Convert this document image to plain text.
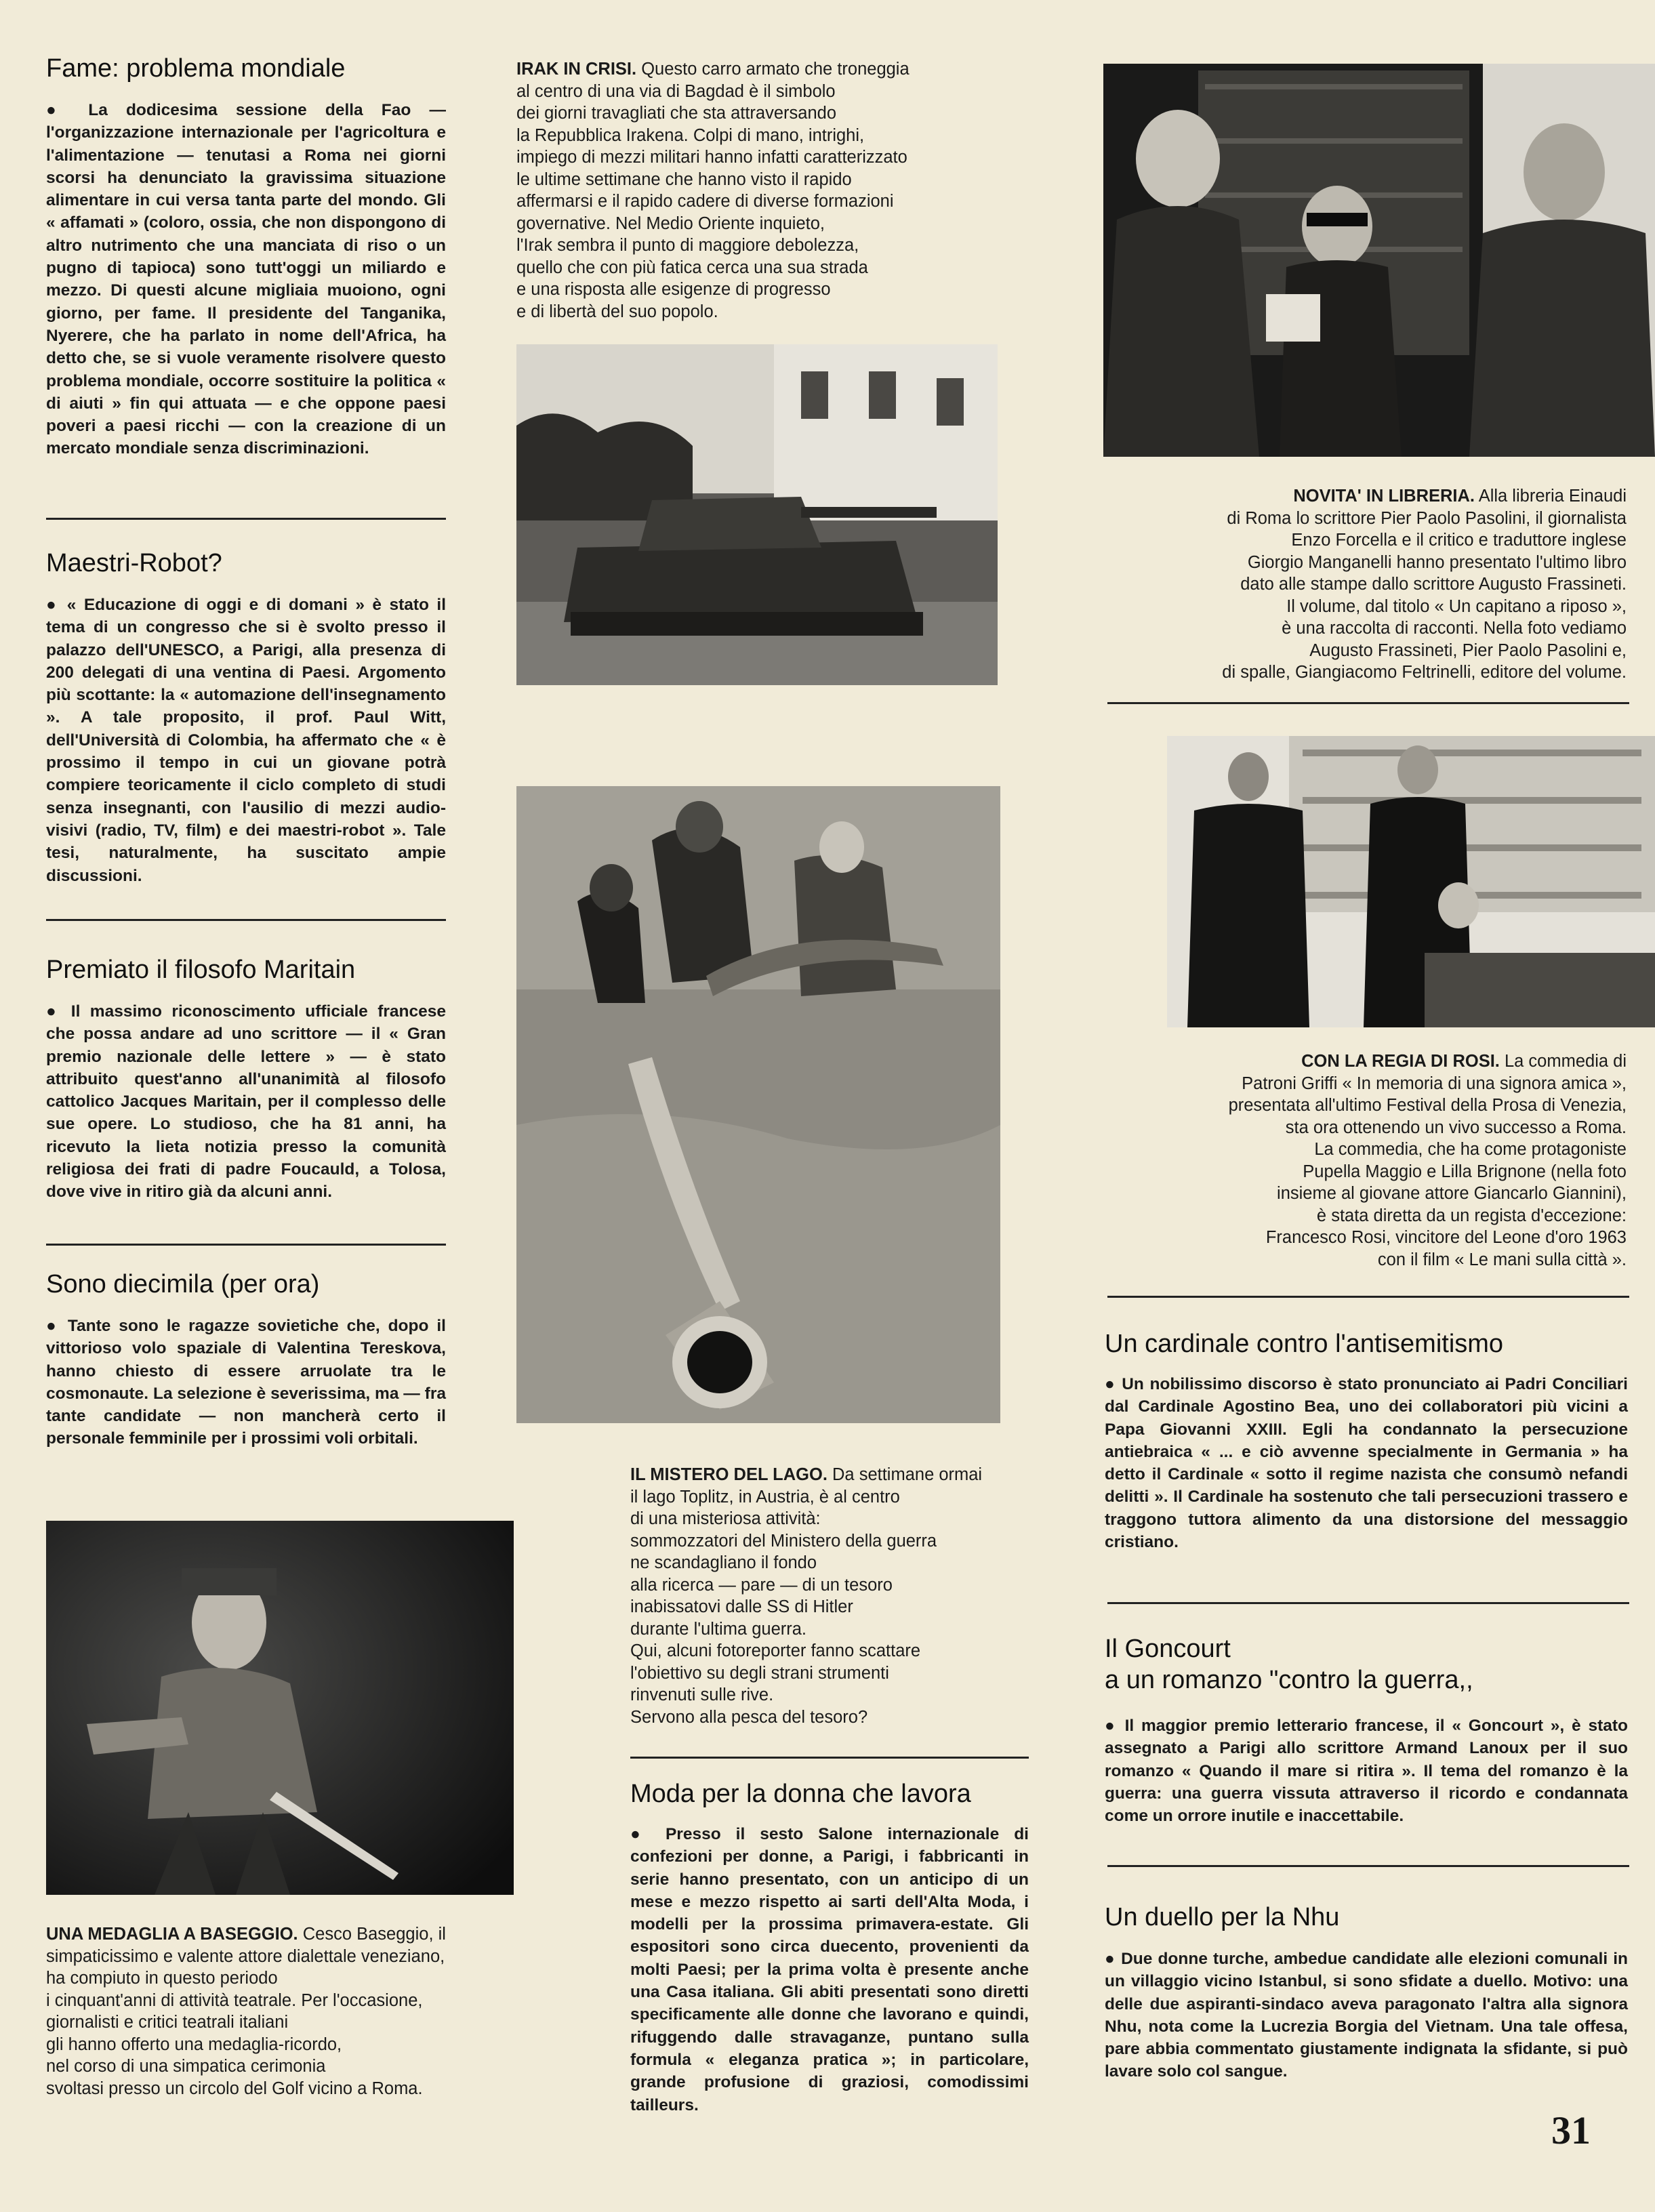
Fame: problema mondiale

● La dodicesima sessione della Fao — l'organizzazione internazionale per l'agricoltura e l'alimentazione — tenutasi a Roma nei giorni scorsi ha denunciato la gravissima situazione alimentare in cui versa tanta parte del mondo. Gli « affamati » (coloro, ossia, che non dispongono di altro nutrimento che una manciata di riso o un pugno di tapioca) sono tutt'oggi un miliardo e mezzo. Di questi alcune migliaia muoiono, ogni giorno, per fame. Il presidente del Tanganika, Nyerere, che ha parlato in nome dell'Africa, ha detto che, se si vuole veramente risolvere questo problema mondiale, occorre sostituire la politica « di aiuti » fin qui attuata — e che oppone paesi poveri a paesi ricchi — con la creazione di un mercato mondiale senza discriminazioni.

Maestri-Robot?

● « Educazione di oggi e di domani » è stato il tema di un congresso che si è svolto presso il palazzo dell'UNESCO, a Parigi, alla presenza di 200 delegati di una ventina di Paesi. Argomento più scottante: la « automazione dell'insegnamento ». A tale proposito, il prof. Paul Witt, dell'Università di Colombia, ha affermato che « è prossimo il tempo in cui un giovane potrà compiere teoricamente il ciclo completo di studi senza insegnanti, con l'ausilio di mezzi audio-visivi (radio, TV, film) e dei maestri-robot ». Tale tesi, naturalmente, ha suscitato ampie discussioni.

Premiato il filosofo Maritain

● Il massimo riconoscimento ufficiale francese che possa andare ad uno scrittore — il « Gran premio nazionale delle lettere » — è stato attribuito quest'anno all'unanimità al filosofo cattolico Jacques Maritain, per il complesso delle sue opere. Lo studioso, che ha 81 anni, ha ricevuto la lieta notizia presso la comunità religiosa dei frati di padre Foucauld, a Tolosa, dove vive in ritiro già da alcuni anni.

Sono diecimila (per ora)

● Tante sono le ragazze sovietiche che, dopo il vittorioso volo spaziale di Valentina Tereskova, hanno chiesto di essere arruolate tra le cosmonaute. La selezione è severissima, ma — fra tante candidate — non mancherà certo il personale femminile per i prossimi voli orbitali.

UNA MEDAGLIA A BASEGGIO. Cesco Baseggio, il
simpaticissimo e valente attore dialettale veneziano,
ha compiuto in questo periodo
i cinquant'anni di attività teatrale. Per l'occasione,
giornalisti e critici teatrali italiani
gli hanno offerto una medaglia-ricordo,
nel corso di una simpatica cerimonia
svoltasi presso un circolo del Golf vicino a Roma.

IRAK IN CRISI. Questo carro armato che troneggia
al centro di una via di Bagdad è il simbolo
dei giorni travagliati che sta attraversando
la Repubblica Irakena. Colpi di mano, intrighi,
impiego di mezzi militari hanno infatti caratterizzato
le ultime settimane che hanno visto il rapido
affermarsi e il rapido cadere di diverse formazioni
governative. Nel Medio Oriente inquieto,
l'Irak sembra il punto di maggiore debolezza,
quello che con più fatica cerca una sua strada
e una risposta alle esigenze di progresso
e di libertà del suo popolo.

IL MISTERO DEL LAGO. Da settimane ormai
il lago Toplitz, in Austria, è al centro
di una misteriosa attività:
sommozzatori del Ministero della guerra
ne scandagliano il fondo
alla ricerca — pare — di un tesoro
inabissatovi dalle SS di Hitler
durante l'ultima guerra.
Qui, alcuni fotoreporter fanno scattare
l'obiettivo su degli strani strumenti
rinvenuti sulle rive.
Servono alla pesca del tesoro?

Moda per la donna che lavora

● Presso il sesto Salone internazionale di confezioni per donne, a Parigi, i fabbricanti in serie hanno presentato, con un anticipo di un mese e mezzo rispetto ai sarti dell'Alta Moda, i modelli per la prossima primavera-estate. Gli espositori sono circa duecento, provenienti da molti Paesi; per la prima volta è presente anche una Casa italiana. Gli abiti presentati sono diretti specificamente alle donne che lavorano e quindi, rifuggendo dalle stravaganze, puntano sulla formula « eleganza pratica »; in particolare, grande profusione di graziosi, comodissimi tailleurs.

NOVITA' IN LIBRERIA. Alla libreria Einaudi
di Roma lo scrittore Pier Paolo Pasolini, il giornalista
Enzo Forcella e il critico e traduttore inglese
Giorgio Manganelli hanno presentato l'ultimo libro
dato alle stampe dallo scrittore Augusto Frassineti.
Il volume, dal titolo « Un capitano a riposo »,
è una raccolta di racconti. Nella foto vediamo
Augusto Frassineti, Pier Paolo Pasolini e,
di spalle, Giangiacomo Feltrinelli, editore del volume.

CON LA REGIA DI ROSI. La commedia di
Patroni Griffi « In memoria di una signora amica »,
presentata all'ultimo Festival della Prosa di Venezia,
sta ora ottenendo un vivo successo a Roma.
La commedia, che ha come protagoniste
Pupella Maggio e Lilla Brignone (nella foto
insieme al giovane attore Giancarlo Giannini),
è stata diretta da un regista d'eccezione:
Francesco Rosi, vincitore del Leone d'oro 1963
con il film « Le mani sulla città ».

Un cardinale contro l'antisemitismo

● Un nobilissimo discorso è stato pronunciato ai Padri Conciliari dal Cardinale Agostino Bea, uno dei collaboratori più vicini a Papa Giovanni XXIII. Egli ha condannato la persecuzione antiebraica « ... e ciò avvenne specialmente in Germania » ha detto il Cardinale « sotto il regime nazista che consumò nefandi delitti ». Il Cardinale ha sostenuto che tali persecuzioni trassero e traggono tuttora alimento da una distorsione del messaggio cristiano.

Il Goncourt
a un romanzo "contro la guerra,,

● Il maggior premio letterario francese, il « Goncourt », è stato assegnato a Parigi allo scrittore Armand Lanoux per il suo romanzo « Quando il mare si ritira ». Il tema del romanzo è la guerra: una guerra vissuta attraverso il ricordo e condannata come un orrore inutile e inaccettabile.

Un duello per la Nhu

● Due donne turche, ambedue candidate alle elezioni comunali in un villaggio vicino Istanbul, si sono sfidate a duello. Motivo: una delle due aspiranti-sindaco aveva paragonato l'altra alla signora Nhu, nota come la Lucrezia Borgia del Vietnam. Una tale offesa, pare abbia commentato giustamente indignata la sfidante, si può lavare solo col sangue.

31
